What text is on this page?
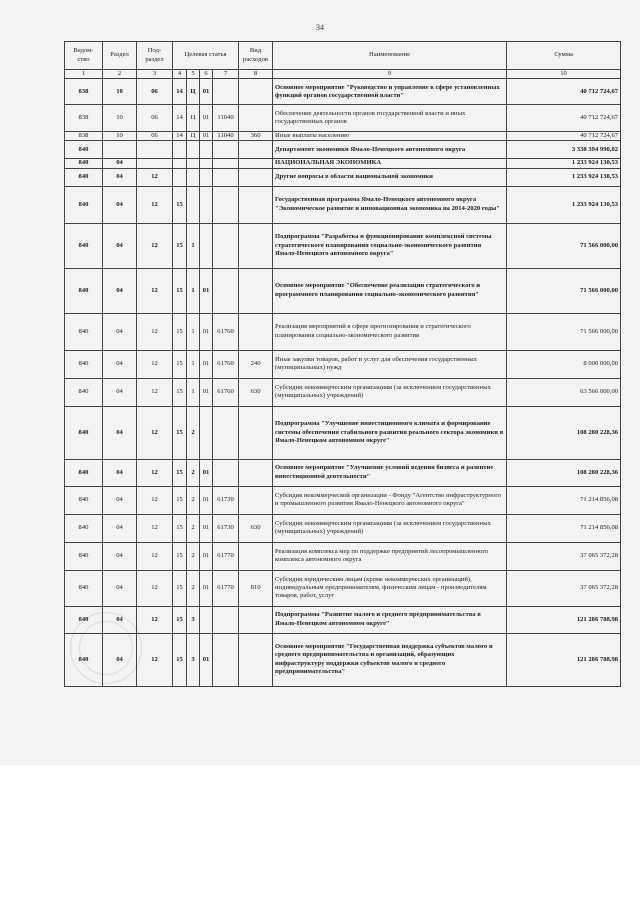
34
Ведом-
ство	Раздел	Под-
раздел	Целевая статья				Вид
расходов	Наименование	Сумма
1	2	3	4	5	6	7	8	9	10
838	10	06	14	Ц	01			Основное мероприятие "Руководство и управление в сфере установленных функций органов государственной власти"	40 712 724,67
838	10	06	14	Ц	01	11040		Обеспечение деятельности органов государственной власти и иных государственных органов	40 712 724,67
838	10	06	14	Ц	01	11040	360	Иные выплаты населению	40 712 724,67
840								Департамент экономики Ямало-Ненецкого автономного округа	3 338 394 990,82
840	04							НАЦИОНАЛЬНАЯ ЭКОНОМИКА	1 233 924 130,53
840	04	12						Другие вопросы в области национальной экономики	1 233 924 130,53
840	04	12	15					Государственная программа Ямало-Ненецкого автономного округа "Экономическое развитие и инновационная экономика на 2014-2020 годы"	1 233 924 130,53
840	04	12	15	1				Подпрограмма "Разработка и функционирование комплексной системы стратегического планирования социально-экономического развития Ямало-Ненецкого автономного округа"	71 566 000,00
840	04	12	15	1	01			Основное мероприятие "Обеспечение реализации стратегического и программного планирования социально-экономического развития"	71 566 000,00
840	04	12	15	1	01	61760		Реализация мероприятий в сфере прогнозирования и стратегического планирования социально-экономического развития	71 566 000,00
840	04	12	15	1	01	61760	240	Иные закупки товаров, работ и услуг для обеспечения государственных (муниципальных) нужд	8 000 000,00
840	04	12	15	1	01	61760	630	Субсидии некоммерческим организациям (за исключением государственных (муниципальных) учреждений)	63 566 000,00
840	04	12	15	2				Подпрограмма "Улучшение инвестиционного климата и формирование системы обеспечения стабильного развития реального сектора экономики в Ямало-Ненецком автономном округе"	108 280 228,36
840	04	12	15	2	01			Основное мероприятие "Улучшение условий ведения бизнеса и развитие инвестиционной деятельности"	108 280 228,36
840	04	12	15	2	01	61730		Субсидия некоммерческой организации - Фонду "Агентство инфраструктурного и промышленного развития Ямало-Ненецкого автономного округа"	71 214 856,08
840	04	12	15	2	01	61730	630	Субсидии некоммерческим организациям (за исключением государственных (муниципальных) учреждений)	71 214 856,08
840	04	12	15	2	01	61770		Реализация комплекса мер по поддержке предприятий лесопромышленного комплекса автономного округа	37 065 372,28
840	04	12	15	2	01	61770	810	Субсидии юридическим лицам (кроме некоммерческих организаций), индивидуальным предпринимателям, физическим лицам - производителям товаров, работ, услуг	37 065 372,28
840	04	12	15	3				Подпрограмма "Развитие малого и среднего предпринимательства в Ямало-Ненецком автономном округе"	121 286 788,98
840	04	12	15	3	01			Основное мероприятие "Государственная поддержка субъектов малого и среднего предпринимательства и организаций, образующих инфраструктуру поддержки субъектов малого и среднего предпринимательства"	121 286 788,98
